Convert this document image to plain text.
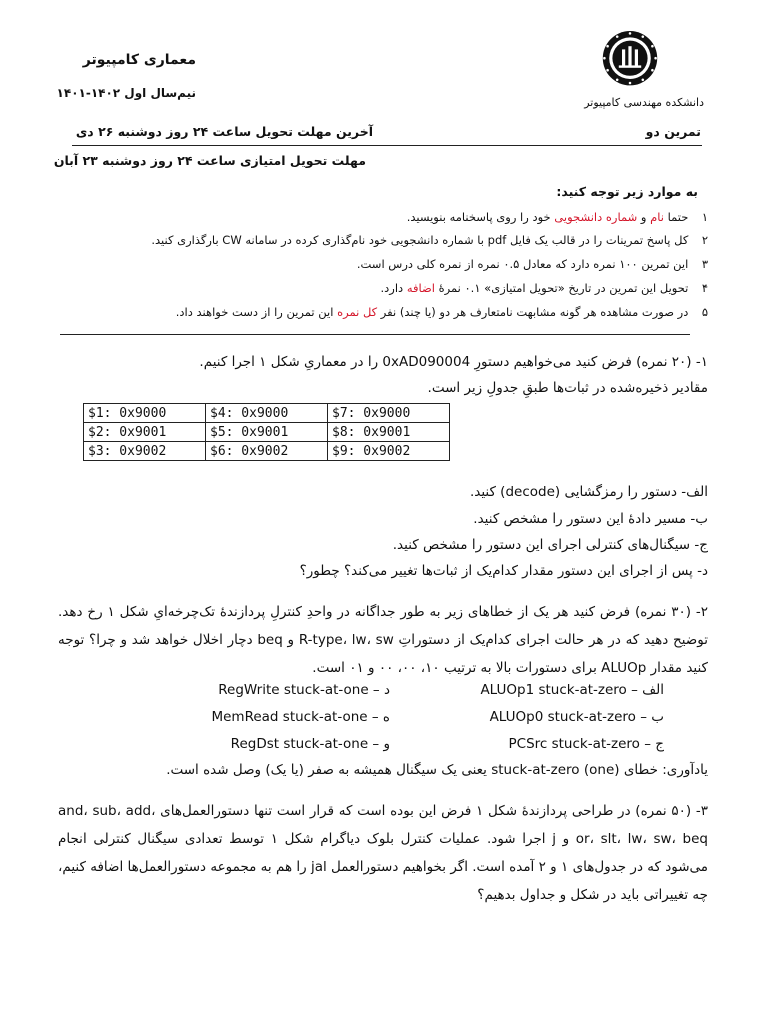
معماری کامپیوتر
نیم‌سال اول ۱۴۰۲-۱۴۰۱
دانشکده مهندسی کامپیوتر
تمرین دو
آخرین مهلت تحویل ساعت ۲۴ روز دوشنبه ۲۶ دی
مهلت تحویل امتیازی ساعت ۲۴ روز دوشنبه ۲۳ آبان
به موارد زیر توجه کنید:
۱ حتما نام و شماره دانشجویی خود را روی پاسخنامه بنویسید.
۲ کل پاسخ تمرینات را در قالب یک فایل pdf با شماره دانشجویی خود نام‌گذاری کرده در سامانه CW بارگذاری کنید.
۳ این تمرین ۱۰۰ نمره دارد که معادل ۰.۵ نمره از نمره کلی درس است.
۴ تحویل این تمرین در تاریخ «تحویل امتیازی» ۰.۱ نمرهٔ اضافه دارد.
۵ در صورت مشاهده هر گونه مشابهت نامتعارف هر دو (یا چند) نفر کل نمره این تمرین را از دست خواهند داد.
۱- (۲۰ نمره) فرض کنید می‌خواهیم دستورِ 0xAD090004 را در معماریِ شکل ۱ اجرا کنیم.
مقادیر ذخیره‌شده در ثبات‌ها طبقِ جدولِ زیر است.
$1: 0x9000	$4: 0x9000	$7: 0x9000
$2: 0x9001	$5: 0x9001	$8: 0x9001
$3: 0x9002	$6: 0x9002	$9: 0x9002
الف- دستور را رمزگشایی (decode) کنید.
ب- مسیر دادهٔ این دستور را مشخص کنید.
ج- سیگنال‌های کنترلی اجرای این دستور را مشخص کنید.
د- پس از اجرای این دستور مقدار کدام‌یک از ثبات‌ها تغییر می‌کند؟ چطور؟
۲- (۳۰ نمره) فرض کنید هر یک از خطاهای زیر به طور جداگانه در واحدِ کنترلِ پردازندهٔ تک‌چرخه‌ایِ شکل ۱ رخ دهد. توضیح دهید که در هر حالت اجرای کدام‌یک از دستوراتِ R-type، lw، sw و beq دچار اخلال خواهد شد و چرا؟ توجه کنید مقدار ALUOp برای دستورات بالا به ترتیب ۱۰، ۰۰، ۰۰ و ۰۱ است.
الف – ALUOp1 stuck-at-zero
ب – ALUOp0 stuck-at-zero
ج – PCSrc stuck-at-zero
د – RegWrite stuck-at-one
ه – MemRead stuck-at-one
و – RegDst stuck-at-one
یادآوری: خطای stuck-at-zero (one) یعنی یک سیگنال همیشه به صفر (یا یک) وصل شده است.
۳- (۵۰ نمره) در طراحی پردازندهٔ شکل ۱ فرض این بوده است که قرار است تنها دستورالعمل‌های and، sub، add، or، slt، lw، sw، beq و j اجرا شود. عملیات کنترل بلوک دیاگرام شکل ۱ توسط تعدادی سیگنال کنترلی انجام می‌شود که در جدول‌های ۱ و ۲ آمده است. اگر بخواهیم دستورالعمل jal را هم به مجموعه دستورالعمل‌ها اضافه کنیم، چه تغییراتی باید در شکل و جداول بدهیم؟
